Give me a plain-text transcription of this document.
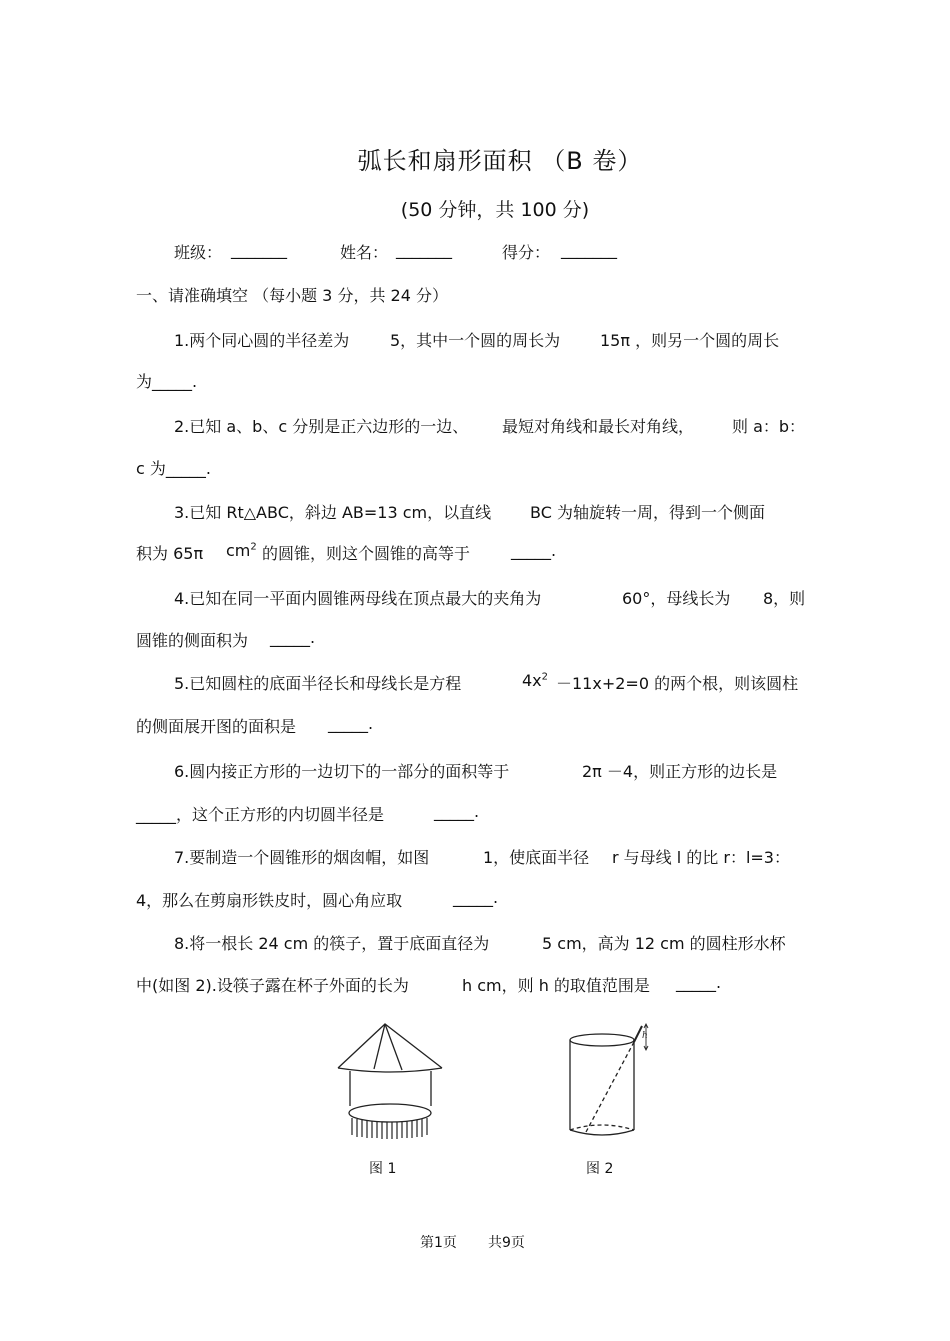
弧长和扇形面积 （B 卷）
(50 分钟，共 100 分)
班级： _______	姓名： _______	得分： _______
一、请准确填空 （每小题 3 分，共 24 分）
1.两个同心圆的半径差为	5，其中一个圆的周长为 15π ，则另一个圆的周长
为_____.
2.已知 a、b、c 分别是正六边形的一边、 最短对角线和最长对角线， 则 a：b：
c 为_____.
3.已知 Rt△ABC，斜边 AB=13 cm，以直线 BC 为轴旋转一周，得到一个侧面
积为 65π $cm^2$ 的圆锥，则这个圆锥的高等于	_____.
4.已知在同一平面内圆锥两母线在顶点最大的夹角为	60°，母线长为 8，则
圆锥的侧面积为 _____.
5.已知圆柱的底面半径长和母线长是方程	$4x^2 -11x+2=0$ 的两个根，则该圆柱
的侧面展开图的面积是 _____.
6.圆内接正方形的一边切下的一部分的面积等于	2π －4，则正方形的边长是
_____，这个正方形的内切圆半径是	_____.
7.要制造一个圆锥形的烟囱帽，如图	1，使底面半径 r 与母线 l 的比 r：l=3：
4，那么在剪扇形铁皮时，圆心角应取	_____.
8.将一根长 24 cm 的筷子，置于底面直径为	5 cm，高为 12 cm 的圆柱形水杯
中(如图 2).设筷子露在杯子外面的长为	h cm，则 h 的取值范围是 _____.
h
图 1	图 2
第1页 共9页
